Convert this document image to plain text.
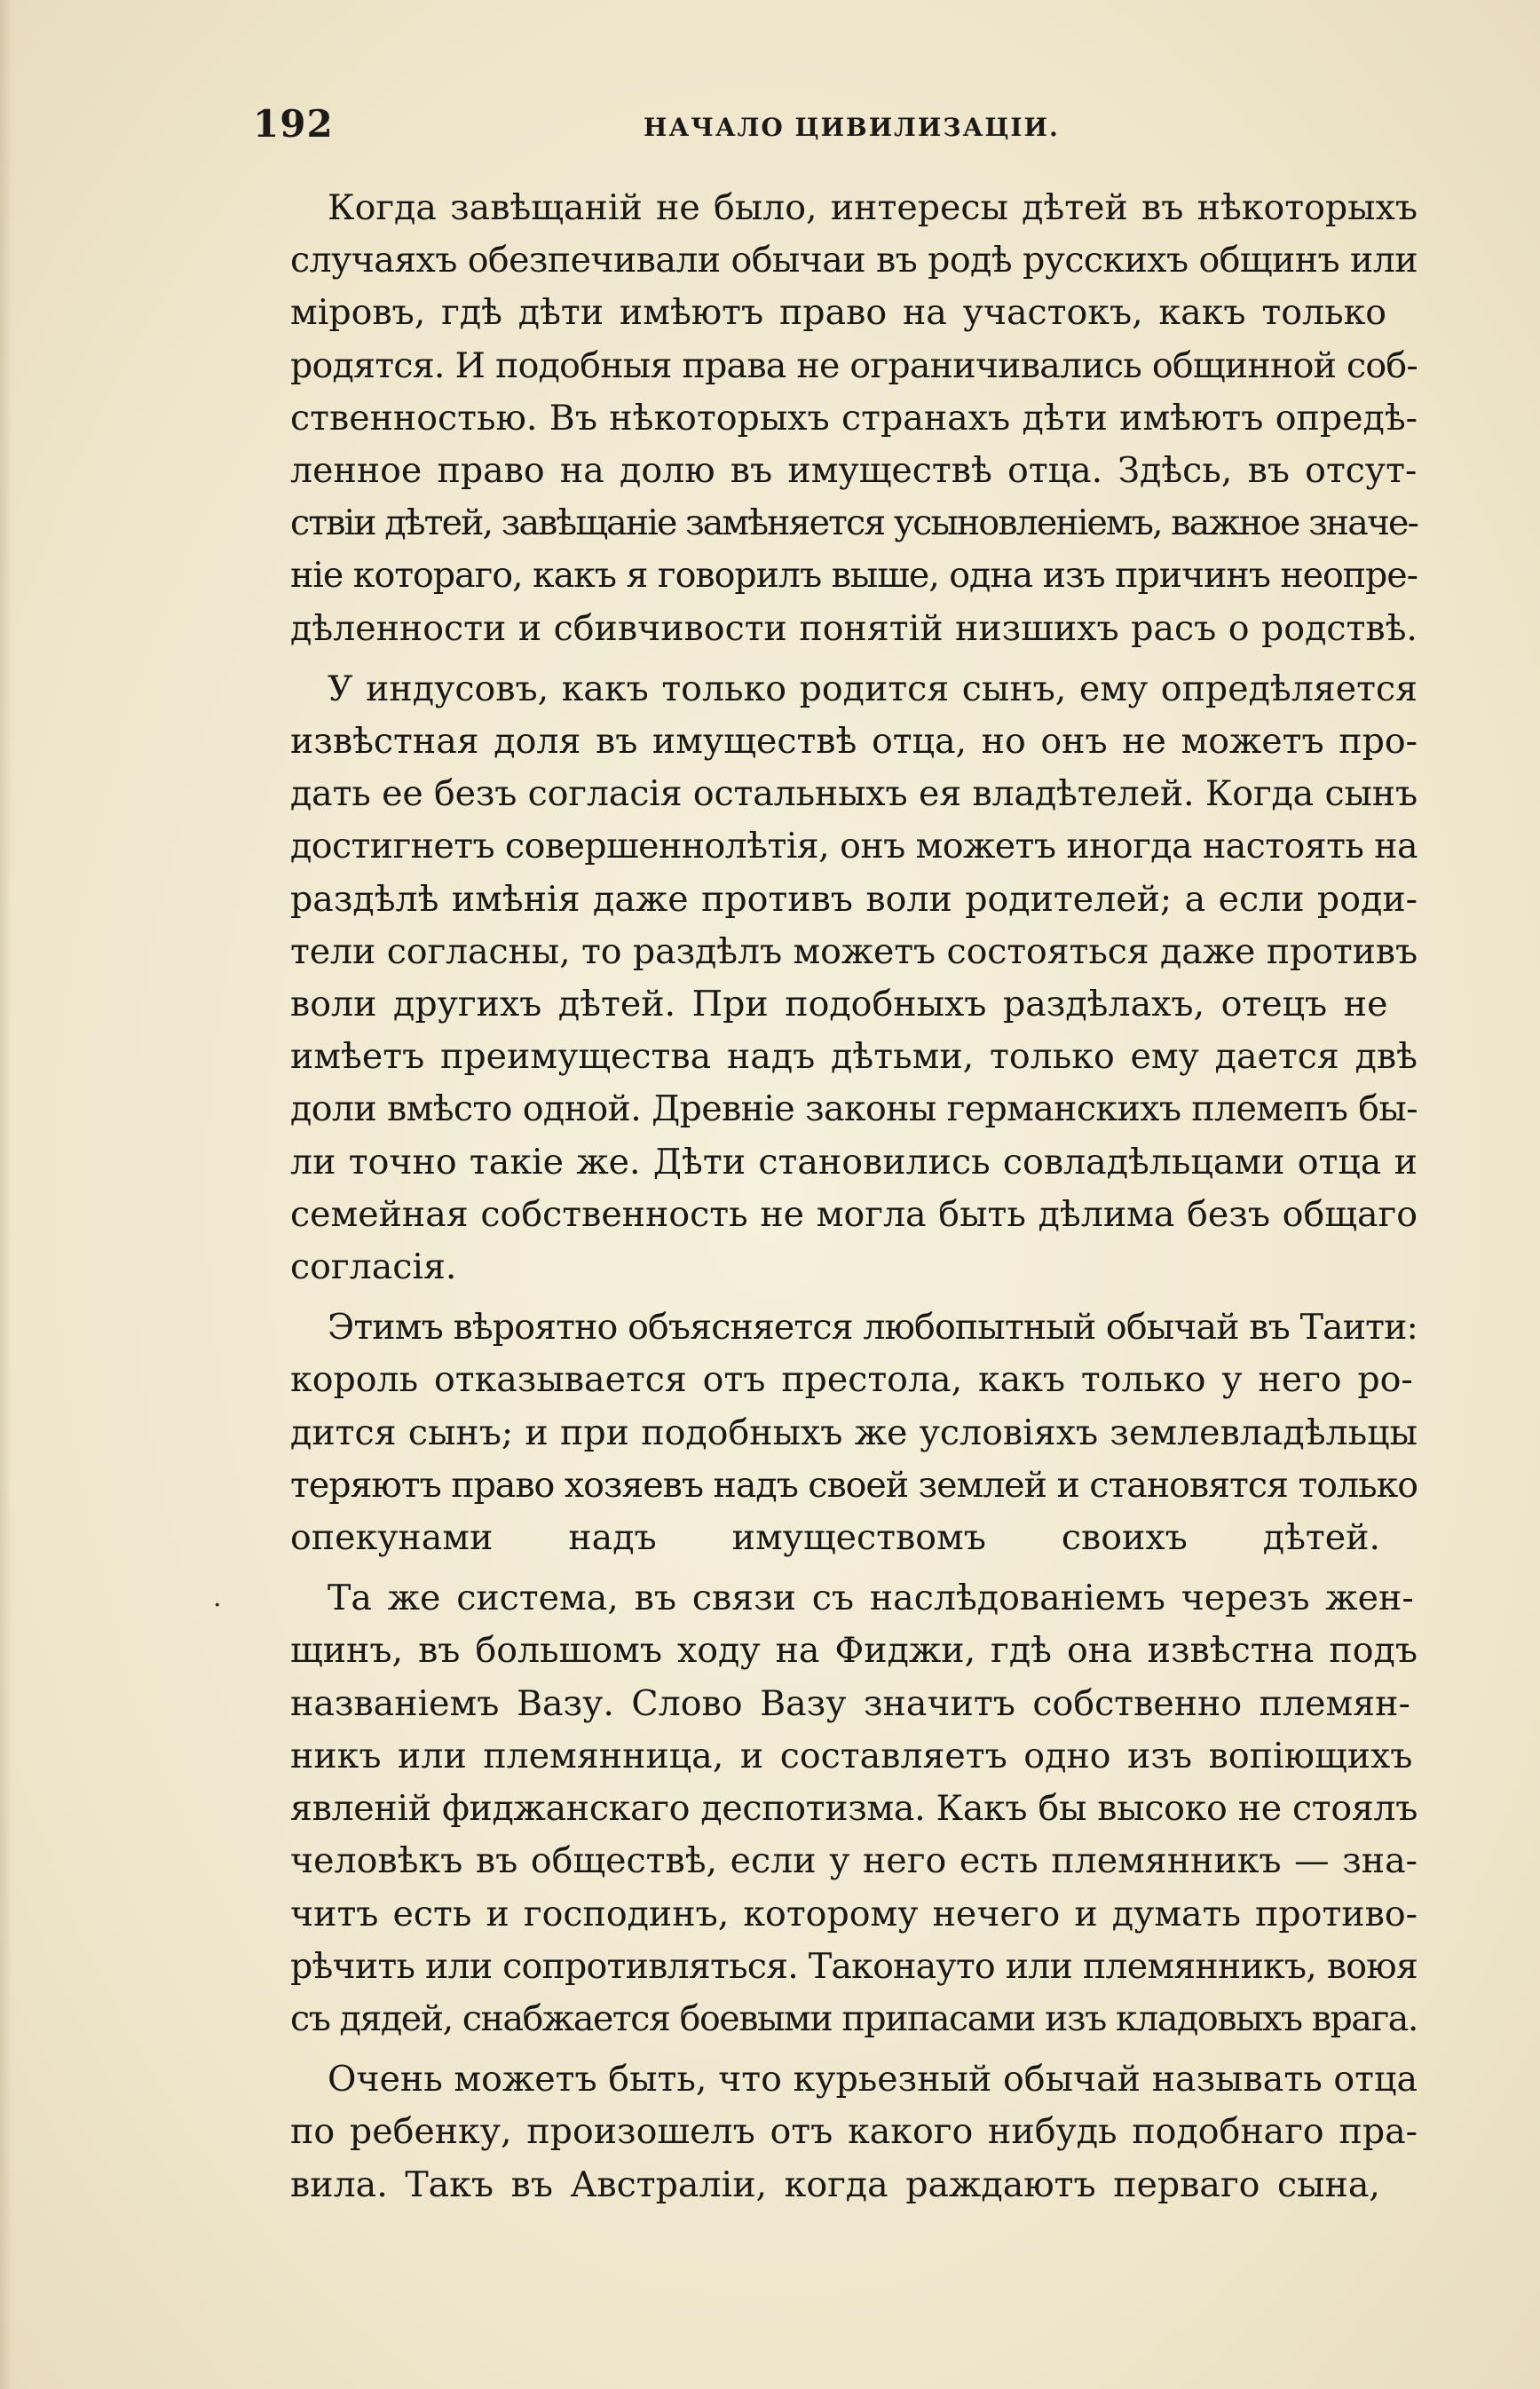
192	НАЧАЛО ЦИВИЛИЗАЦІИ.
Когда завѣщаній не было, интересы дѣтей въ нѣкоторыхъ
случаяхъ обезпечивали обычаи въ родѣ русскихъ общинъ или
міровъ, гдѣ дѣти имѣютъ право на участокъ, какъ только
родятся. И подобныя права не ограничивались общинной соб-
ственностью. Въ нѣкоторыхъ странахъ дѣти имѣютъ опредѣ-
ленное право на долю въ имуществѣ отца. Здѣсь, въ отсут-
ствіи дѣтей, завѣщаніе замѣняется усыновленіемъ, важное значе-
ніе котораго, какъ я говорилъ выше, одна изъ причинъ неопре-
дѣленности и сбивчивости понятій низшихъ расъ о родствѣ.
У индусовъ, какъ только родится сынъ, ему опредѣляется
извѣстная доля въ имуществѣ отца, но онъ не можетъ про-
дать ее безъ согласія остальныхъ ея владѣтелей. Когда сынъ
достигнетъ совершеннолѣтія, онъ можетъ иногда настоять на
раздѣлѣ имѣнія даже противъ воли родителей; а если роди-
тели согласны, то раздѣлъ можетъ состояться даже противъ
воли другихъ дѣтей. При подобныхъ раздѣлахъ, отецъ не
имѣетъ преимущества надъ дѣтьми, только ему дается двѣ
доли вмѣсто одной. Древніе законы германскихъ племепъ бы-
ли точно такіе же. Дѣти становились совладѣльцами отца и
семейная собственность не могла быть дѣлима безъ общаго
согласія.
Этимъ вѣроятно объясняется любопытный обычай въ Таити:
король отказывается отъ престола, какъ только у него ро-
дится сынъ; и при подобныхъ же условіяхъ землевладѣльцы
теряютъ право хозяевъ надъ своей землей и становятся только
опекунами надъ имуществомъ своихъ дѣтей.
Та же система, въ связи съ наслѣдованіемъ черезъ жен-
щинъ, въ большомъ ходу на Фиджи, гдѣ она извѣстна подъ
названіемъ Вазу. Слово Вазу значитъ собственно племян-
никъ или племянница, и составляетъ одно изъ вопіющихъ
явленій фиджанскаго деспотизма. Какъ бы высоко не стоялъ
человѣкъ въ обществѣ, если у него есть племянникъ — зна-
читъ есть и господинъ, которому нечего и думать противо-
рѣчить или сопротивляться. Таконауто или племянникъ, воюя
съ дядей, снабжается боевыми припасами изъ кладовыхъ врага.
Очень можетъ быть, что курьезный обычай называть отца
по ребенку, произошелъ отъ какого нибудь подобнаго пра-
вила. Такъ въ Австраліи, когда раждаютъ перваго сына,
.
